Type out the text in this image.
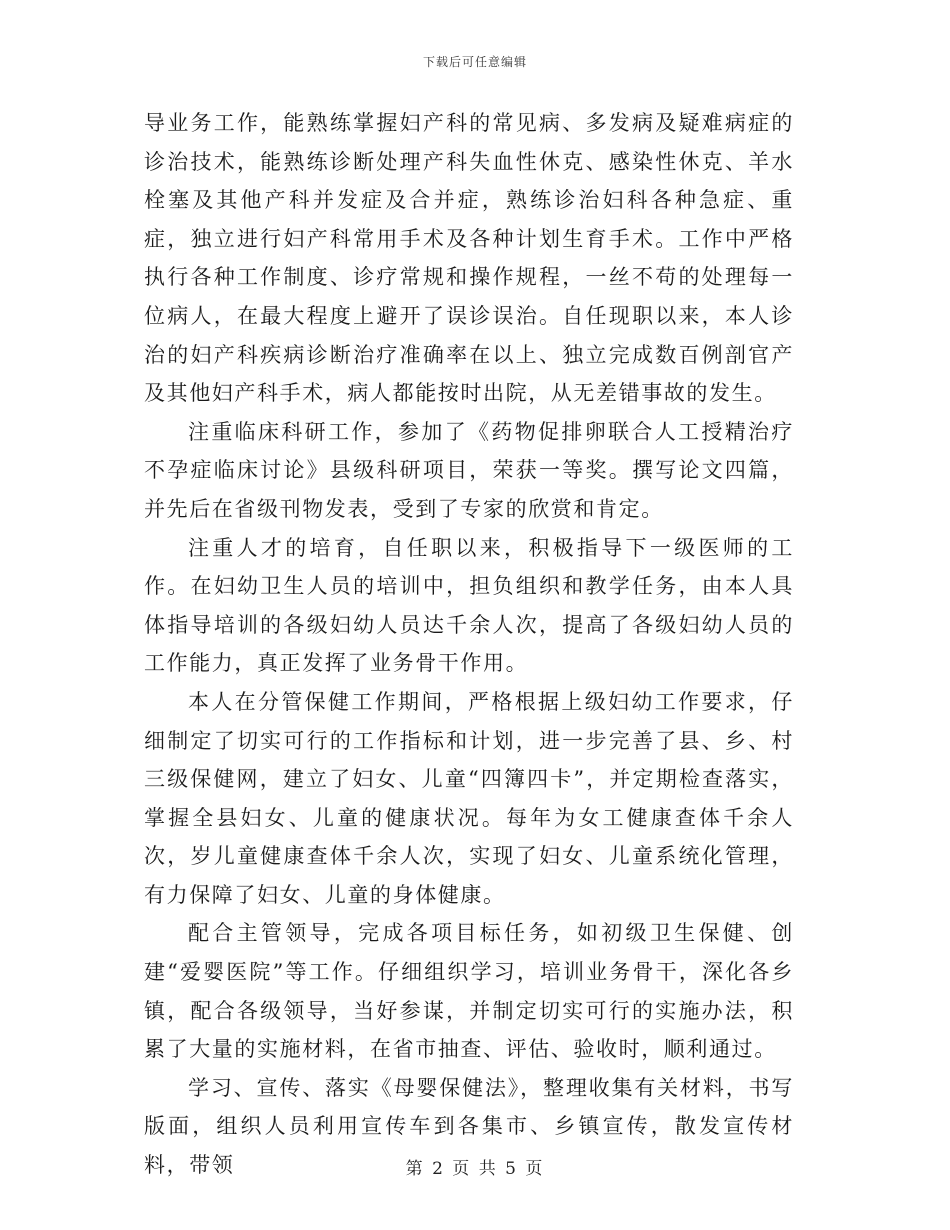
下载后可任意编辑

导业务工作，能熟练掌握妇产科的常见病、多发病及疑难病症的诊治技术，能熟练诊断处理产科失血性休克、感染性休克、羊水栓塞及其他产科并发症及合并症，熟练诊治妇科各种急症、重症，独立进行妇产科常用手术及各种计划生育手术。工作中严格执行各种工作制度、诊疗常规和操作规程，一丝不苟的处理每一位病人，在最大程度上避开了误诊误治。自任现职以来，本人诊治的妇产科疾病诊断治疗准确率在以上、独立完成数百例剖官产及其他妇产科手术，病人都能按时出院，从无差错事故的发生。

注重临床科研工作，参加了《药物促排卵联合人工授精治疗不孕症临床讨论》县级科研项目，荣获一等奖。撰写论文四篇，并先后在省级刊物发表，受到了专家的欣赏和肯定。

注重人才的培育，自任职以来，积极指导下一级医师的工作。在妇幼卫生人员的培训中，担负组织和教学任务，由本人具体指导培训的各级妇幼人员达千余人次，提高了各级妇幼人员的工作能力，真正发挥了业务骨干作用。

本人在分管保健工作期间，严格根据上级妇幼工作要求，仔细制定了切实可行的工作指标和计划，进一步完善了县、乡、村三级保健网，建立了妇女、儿童“四簿四卡”，并定期检查落实，掌握全县妇女、儿童的健康状况。每年为女工健康查体千余人次，岁儿童健康查体千余人次，实现了妇女、儿童系统化管理，有力保障了妇女、儿童的身体健康。

配合主管领导，完成各项目标任务，如初级卫生保健、创建“爱婴医院”等工作。仔细组织学习，培训业务骨干，深化各乡镇，配合各级领导，当好参谋，并制定切实可行的实施办法，积累了大量的实施材料，在省市抽查、评估、验收时，顺利通过。

学习、宣传、落实《母婴保健法》，整理收集有关材料，书写版面，组织人员利用宣传车到各集市、乡镇宣传，散发宣传材料，带领	第 2 页 共 5 页
